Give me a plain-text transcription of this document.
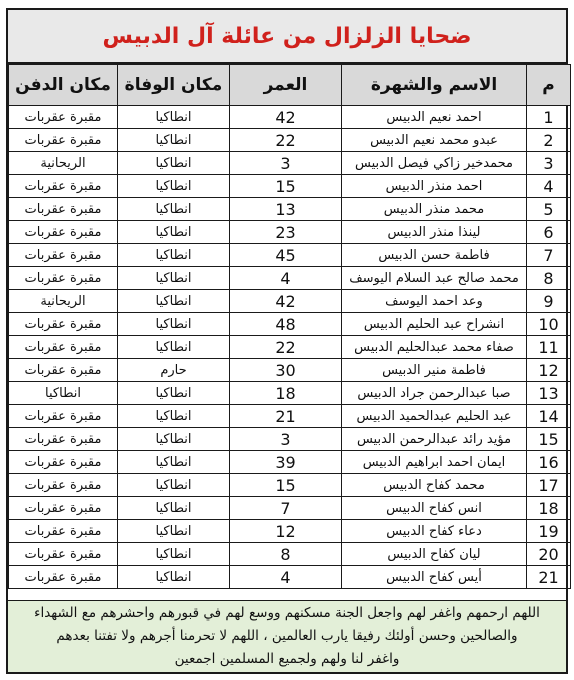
ضحايا الزلزال من عائلة آل الدبيس
م	الاسم والشهرة	العمر	مكان الوفاة	مكان الدفن
1	احمد نعيم الدبيس	42	انطاكيا	مقبرة عقربات
2	عبدو محمد نعيم الدبيس	22	انطاكيا	مقبرة عقربات
3	محمدخير زاكي فيصل الدبيس	3	انطاكيا	الريحانية
4	احمد منذر الدبيس	15	انطاكيا	مقبرة عقربات
5	محمد منذر الدبيس	13	انطاكيا	مقبرة عقربات
6	لينذا منذر الدبيس	23	انطاكيا	مقبرة عقربات
7	فاطمة حسن الدبيس	45	انطاكيا	مقبرة عقربات
8	محمد صالح عبد السلام اليوسف	4	انطاكيا	مقبرة عقربات
9	وعد احمد اليوسف	42	انطاكيا	الريحانية
10	انشراح عبد الحليم الدبيس	48	انطاكيا	مقبرة عقربات
11	صفاء محمد عبدالحليم الدبيس	22	انطاكيا	مقبرة عقربات
12	فاطمة منير الدبيس	30	حارم	مقبرة عقربات
13	صبا عبدالرحمن جراد الدبيس	18	انطاكيا	انطاكيا
14	عبد الحليم عبدالحميد الدبيس	21	انطاكيا	مقبرة عقربات
15	مؤيد رائد عبدالرحمن الدبيس	3	انطاكيا	مقبرة عقربات
16	ايمان احمد ابراهيم الدبيس	39	انطاكيا	مقبرة عقربات
17	محمد كفاح الدبيس	15	انطاكيا	مقبرة عقربات
18	انس كفاح الدبيس	7	انطاكيا	مقبرة عقربات
19	دعاء كفاح الدبيس	12	انطاكيا	مقبرة عقربات
20	ليان كفاح الدبيس	8	انطاكيا	مقبرة عقربات
21	أيس كفاح الدبيس	4	انطاكيا	مقبرة عقربات
اللهم ارحمهم واغفر لهم واجعل الجنة مسكنهم ووسع لهم في قبورهم واحشرهم مع الشهداء
والصالحين وحسن أولئك رفيقا يارب العالمين ، اللهم لا تحرمنا أجرهم ولا تفتنا بعدهم
واغفر لنا ولهم ولجميع المسلمين اجمعين
